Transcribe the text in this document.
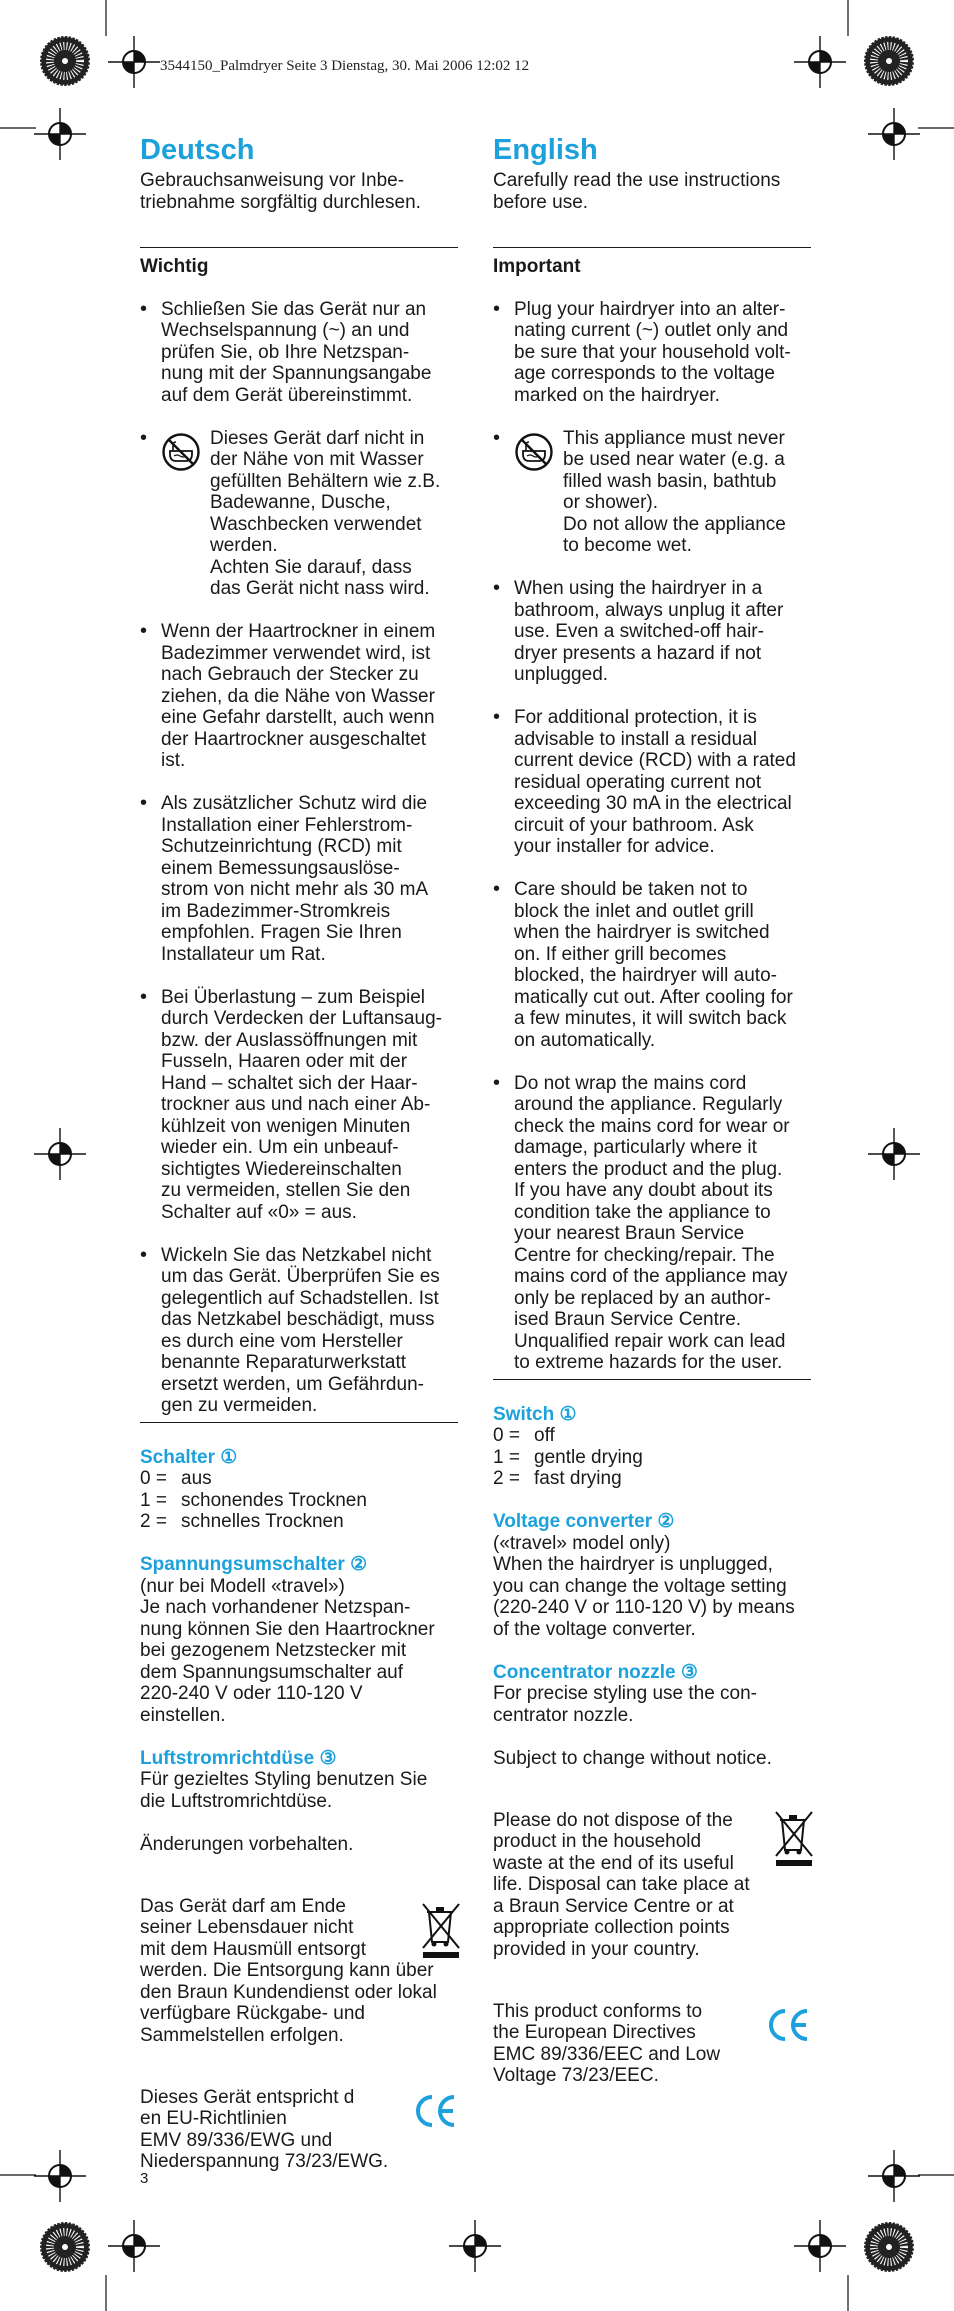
3544150_Palmdryer Seite 3 Dienstag, 30. Mai 2006 12:02 12
Deutsch

Gebrauchsanweisung vor Inbe-
triebnahme sorgfältig durchlesen.

Wichtig

• Schließen Sie das Gerät nur an
Wechselspannung (~) an und
prüfen Sie, ob Ihre Netzspan-
nung mit der Spannungsangabe
auf dem Gerät übereinstimmt.

• Dieses Gerät darf nicht in
der Nähe von mit Wasser
gefüllten Behältern wie z.B.
Badewanne, Dusche,
Waschbecken verwendet
werden.
Achten Sie darauf, dass
das Gerät nicht nass wird.

• Wenn der Haartrockner in einem
Badezimmer verwendet wird, ist
nach Gebrauch der Stecker zu
ziehen, da die Nähe von Wasser
eine Gefahr darstellt, auch wenn
der Haartrockner ausgeschaltet
ist.

• Als zusätzlicher Schutz wird die
Installation einer Fehlerstrom-
Schutzeinrichtung (RCD) mit
einem Bemessungsauslöse-
strom von nicht mehr als 30 mA
im Badezimmer-Stromkreis
empfohlen. Fragen Sie Ihren
Installateur um Rat.

• Bei Überlastung – zum Beispiel
durch Verdecken der Luftansaug-
bzw. der Auslassöffnungen mit
Fusseln, Haaren oder mit der
Hand – schaltet sich der Haar-
trockner aus und nach einer Ab-
kühlzeit von wenigen Minuten
wieder ein. Um ein unbeauf-
sichtigtes Wiedereinschalten
zu vermeiden, stellen Sie den
Schalter auf «0» = aus.

• Wickeln Sie das Netzkabel nicht
um das Gerät. Überprüfen Sie es
gelegentlich auf Schadstellen. Ist
das Netzkabel beschädigt, muss
es durch eine vom Hersteller
benannte Reparaturwerkstatt
ersetzt werden, um Gefährdun-
gen zu vermeiden.

Schalter ①

0 = aus
1 = schonendes Trocknen
2 = schnelles Trocknen

Spannungsumschalter ②

(nur bei Modell «travel»)
Je nach vorhandener Netzspan-
nung können Sie den Haartrockner
bei gezogenem Netzstecker mit
dem Spannungsumschalter auf
220-240 V oder 110-120 V
einstellen.

Luftstromrichtdüse ③

Für gezieltes Styling benutzen Sie
die Luftstromrichtdüse.

Änderungen vorbehalten.

Das Gerät darf am Ende
seiner Lebensdauer nicht
mit dem Hausmüll entsorgt
werden. Die Entsorgung kann über
den Braun Kundendienst oder lokal
verfügbare Rückgabe- und
Sammelstellen erfolgen.

Dieses Gerät entspricht d
en EU-Richtlinien
EMV 89/336/EWG und
Niederspannung 73/23/EWG.

English

Carefully read the use instructions
before use.

Important

• Plug your hairdryer into an alter-
nating current (~) outlet only and
be sure that your household volt-
age corresponds to the voltage
marked on the hairdryer.

• This appliance must never
be used near water (e.g. a
filled wash basin, bathtub
or shower).
Do not allow the appliance
to become wet.

• When using the hairdryer in a
bathroom, always unplug it after
use. Even a switched-off hair-
dryer presents a hazard if not
unplugged.

• For additional protection, it is
advisable to install a residual
current device (RCD) with a rated
residual operating current not
exceeding 30 mA in the electrical
circuit of your bathroom. Ask
your installer for advice.

• Care should be taken not to
block the inlet and outlet grill
when the hairdryer is switched
on. If either grill becomes
blocked, the hairdryer will auto-
matically cut out. After cooling for
a few minutes, it will switch back
on automatically.

• Do not wrap the mains cord
around the appliance. Regularly
check the mains cord for wear or
damage, particularly where it
enters the product and the plug.
If you have any doubt about its
condition take the appliance to
your nearest Braun Service
Centre for checking/repair. The
mains cord of the appliance may
only be replaced by an author-
ised Braun Service Centre.
Unqualified repair work can lead
to extreme hazards for the user.

Switch ①

0 = off
1 = gentle drying
2 = fast drying

Voltage converter ②

(«travel» model only)
When the hairdryer is unplugged,
you can change the voltage setting
(220-240 V or 110-120 V) by means
of the voltage converter.

Concentrator nozzle ③

For precise styling use the con-
centrator nozzle.

Subject to change without notice.

Please do not dispose of the
product in the household
waste at the end of its useful
life. Disposal can take place at
a Braun Service Centre or at
appropriate collection points
provided in your country.

This product conforms to
the European Directives
EMC 89/336/EEC and Low
Voltage 73/23/EEC.

3
